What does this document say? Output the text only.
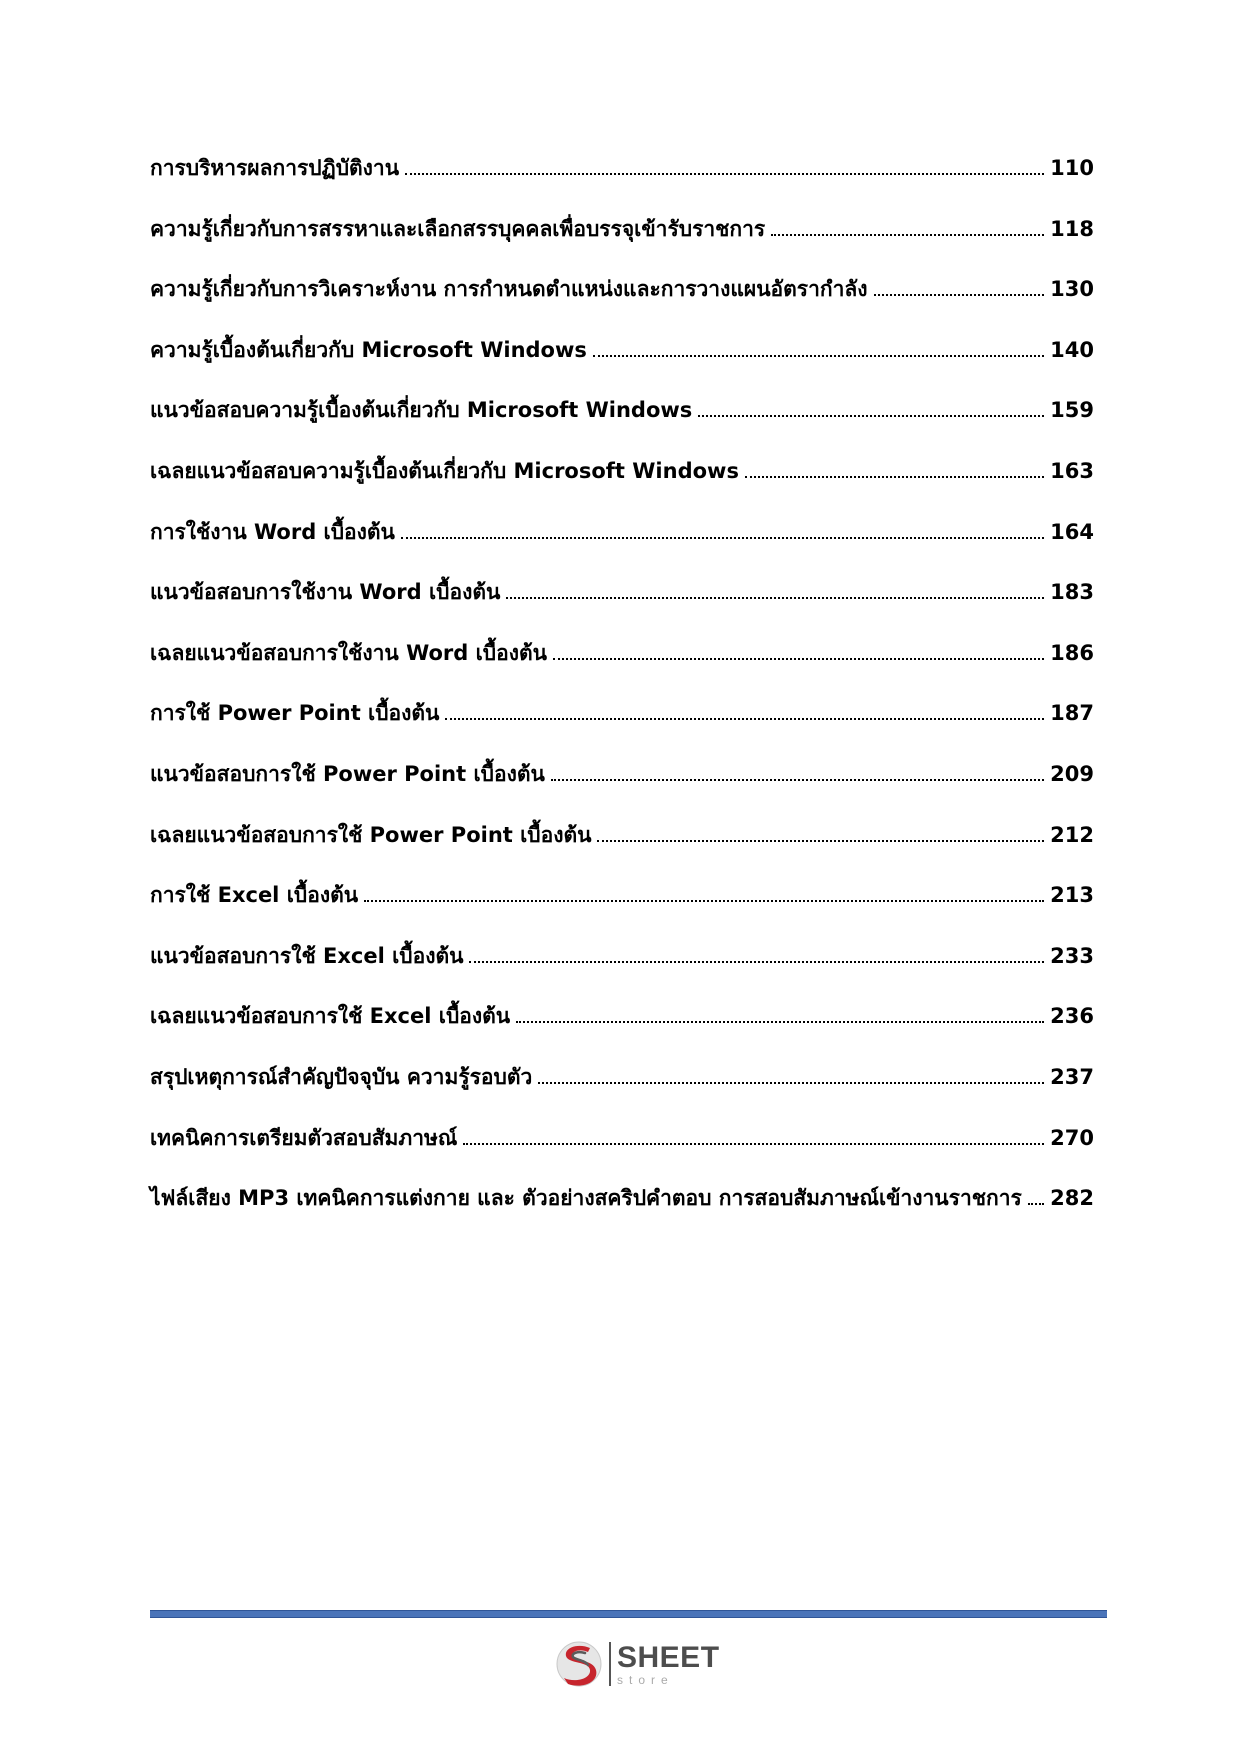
การบริหารผลการปฏิบัติงาน	110
ความรู้เกี่ยวกับการสรรหาและเลือกสรรบุคคลเพื่อบรรจุเข้ารับราชการ	118
ความรู้เกี่ยวกับการวิเคราะห์งาน การกำหนดตำแหน่งและการวางแผนอัตรากำลัง	130
ความรู้เบื้องต้นเกี่ยวกับ Microsoft Windows	140
แนวข้อสอบความรู้เบื้องต้นเกี่ยวกับ Microsoft Windows	159
เฉลยแนวข้อสอบความรู้เบื้องต้นเกี่ยวกับ Microsoft Windows	163
การใช้งาน Word เบื้องต้น	164
แนวข้อสอบการใช้งาน Word เบื้องต้น	183
เฉลยแนวข้อสอบการใช้งาน Word เบื้องต้น	186
การใช้ Power Point เบื้องต้น	187
แนวข้อสอบการใช้ Power Point เบื้องต้น	209
เฉลยแนวข้อสอบการใช้ Power Point เบื้องต้น	212
การใช้ Excel เบื้องต้น	213
แนวข้อสอบการใช้ Excel เบื้องต้น	233
เฉลยแนวข้อสอบการใช้ Excel เบื้องต้น	236
สรุปเหตุการณ์สำคัญปัจจุบัน ความรู้รอบตัว	237
เทคนิคการเตรียมตัวสอบสัมภาษณ์	270
ไฟล์เสียง MP3 เทคนิคการแต่งกาย และ ตัวอย่างสคริปคำตอบ การสอบสัมภาษณ์เข้างานราชการ 282
SHEET
store
